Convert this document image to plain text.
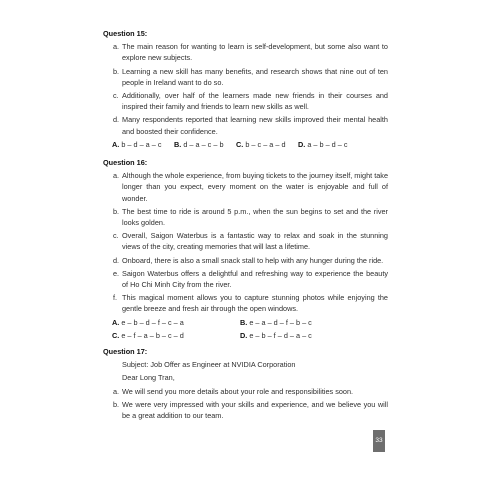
Question 15:
a. The main reason for wanting to learn is self-development, but some also want to explore new subjects.
b. Learning a new skill has many benefits, and research shows that nine out of ten people in Ireland want to do so.
c. Additionally, over half of the learners made new friends in their courses and inspired their family and friends to learn new skills as well.
d. Many respondents reported that learning new skills improved their mental health and boosted their confidence.
A. b – d – a – c	B. d – a – c – b	C. b – c – a – d	D. a – b – d – c
Question 16:
a. Although the whole experience, from buying tickets to the journey itself, might take longer than you expect, every moment on the water is enjoyable and full of wonder.
b. The best time to ride is around 5 p.m., when the sun begins to set and the river looks golden.
c. Overall, Saigon Waterbus is a fantastic way to relax and soak in the stunning views of the city, creating memories that will last a lifetime.
d. Onboard, there is also a small snack stall to help with any hunger during the ride.
e. Saigon Waterbus offers a delightful and refreshing way to experience the beauty of Ho Chi Minh City from the river.
f. This magical moment allows you to capture stunning photos while enjoying the gentle breeze and fresh air through the open windows.
A. e – b – d – f – c – a	B. e – a – d – f – b – c
C. e – f – a – b – c – d	D. e – b – f – d – a – c
Question 17:
Subject: Job Offer as Engineer at NVIDIA Corporation
Dear Long Tran,
a. We will send you more details about your role and responsibilities soon.
b. We were very impressed with your skills and experience, and we believe you will be a great addition to our team.
33
